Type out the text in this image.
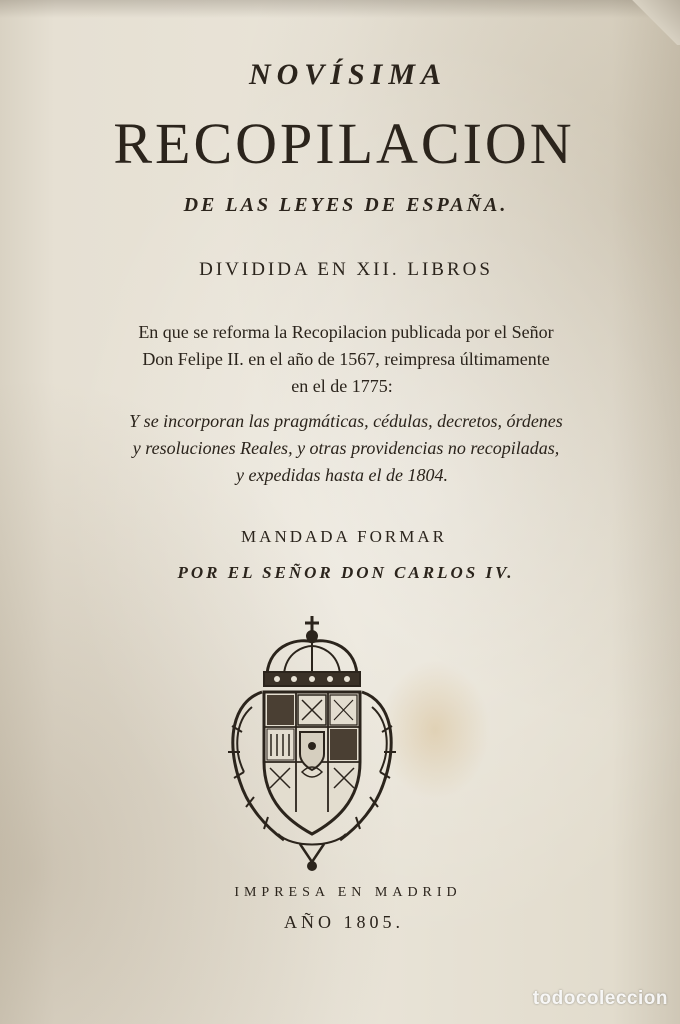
NOVÍSIMA
RECOPILACION
DE LAS LEYES DE ESPAÑA.
DIVIDIDA EN XII. LIBROS
En que se reforma la Recopilacion publicada por el Señor
Don Felipe II. en el año de 1567, reimpresa últimamente
en el de 1775:
Y se incorporan las pragmáticas, cédulas, decretos, órdenes
y resoluciones Reales, y otras providencias no recopiladas,
y expedidas hasta el de 1804.
MANDADA FORMAR
POR EL SEÑOR DON CARLOS IV.
IMPRESA EN MADRID
AÑO 1805.
todocoleccion
